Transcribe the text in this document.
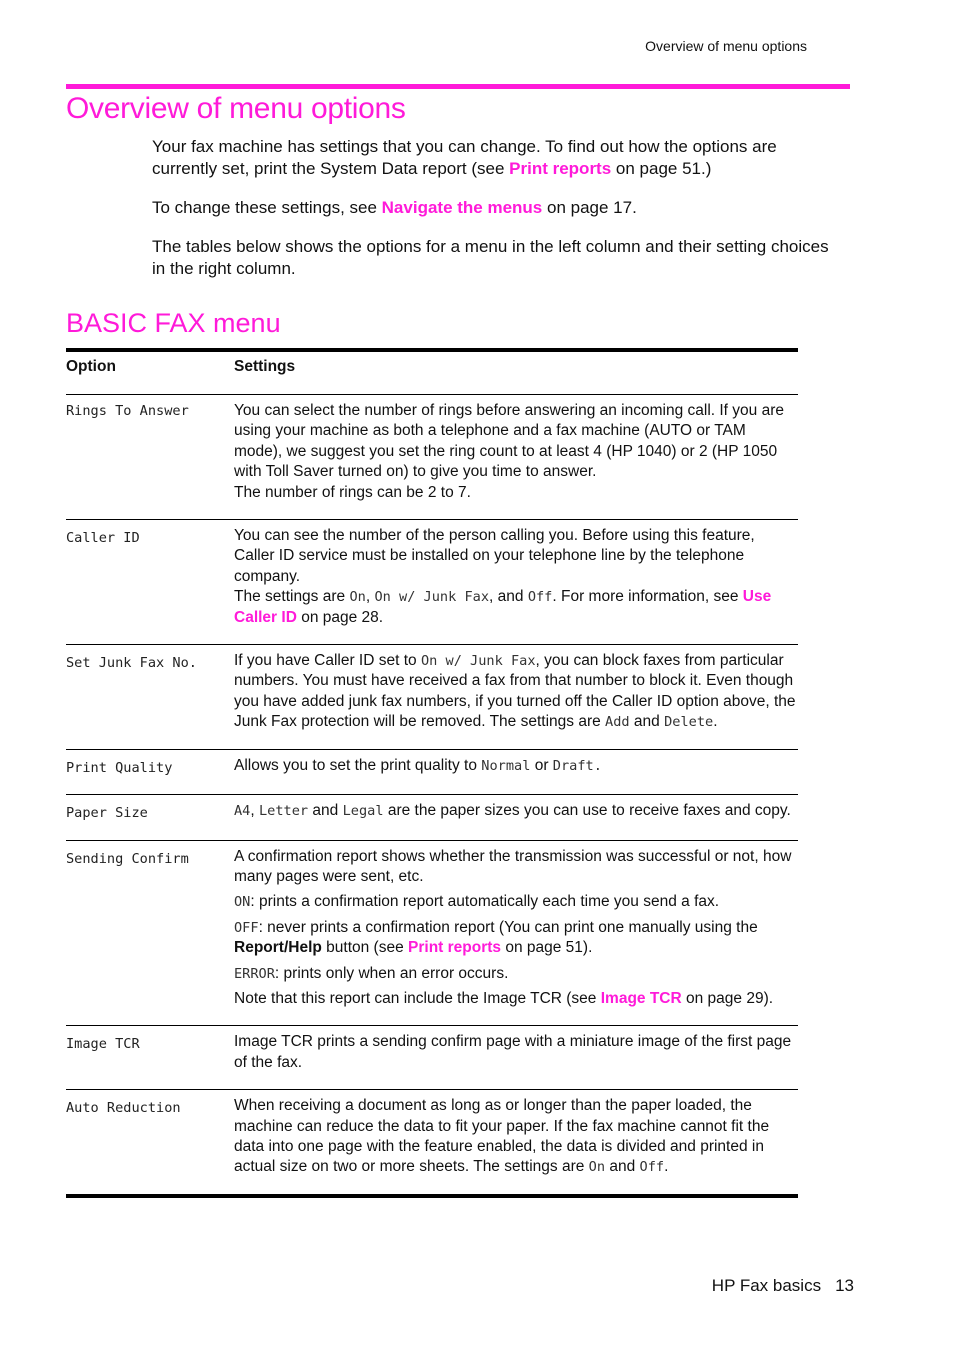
Overview of menu options
Overview of menu options

Your fax machine has settings that you can change. To find out how the options are currently set, print the System Data report (see Print reports on page 51.)

To change these settings, see Navigate the menus on page 17.

The tables below shows the options for a menu in the left column and their setting choices in the right column.

BASIC FAX menu
Option	Settings
Rings To Answer	You can select the number of rings before answering an incoming call. If you are using your machine as both a telephone and a fax machine (AUTO or TAM mode), we suggest you set the ring count to at least 4 (HP 1040) or 2 (HP 1050 with Toll Saver turned on) to give you time to answer.
The number of rings can be 2 to 7.
Caller ID	You can see the number of the person calling you. Before using this feature, Caller ID service must be installed on your telephone line by the telephone company.
The settings are On, On w/ Junk Fax, and Off. For more information, see Use Caller ID on page 28.
Set Junk Fax No.	If you have Caller ID set to On w/ Junk Fax, you can block faxes from particular numbers. You must have received a fax from that number to block it. Even though you have added junk fax numbers, if you turned off the Caller ID option above, the Junk Fax protection will be removed. The settings are Add and Delete.
Print Quality	Allows you to set the print quality to Normal or Draft.
Paper Size	A4, Letter and Legal are the paper sizes you can use to receive faxes and copy.
Sending Confirm	A confirmation report shows whether the transmission was successful or not, how many pages were sent, etc.
ON: prints a confirmation report automatically each time you send a fax.
OFF: never prints a confirmation report (You can print one manually using the Report/Help button (see Print reports on page 51).
ERROR: prints only when an error occurs.
Note that this report can include the Image TCR (see Image TCR on page 29).

Image TCR	Image TCR prints a sending confirm page with a miniature image of the first page of the fax.
Auto Reduction	When receiving a document as long as or longer than the paper loaded, the machine can reduce the data to fit your paper. If the fax machine cannot fit the data into one page with the feature enabled, the data is divided and printed in actual size on two or more sheets. The settings are On and Off.
HP Fax basics 13
